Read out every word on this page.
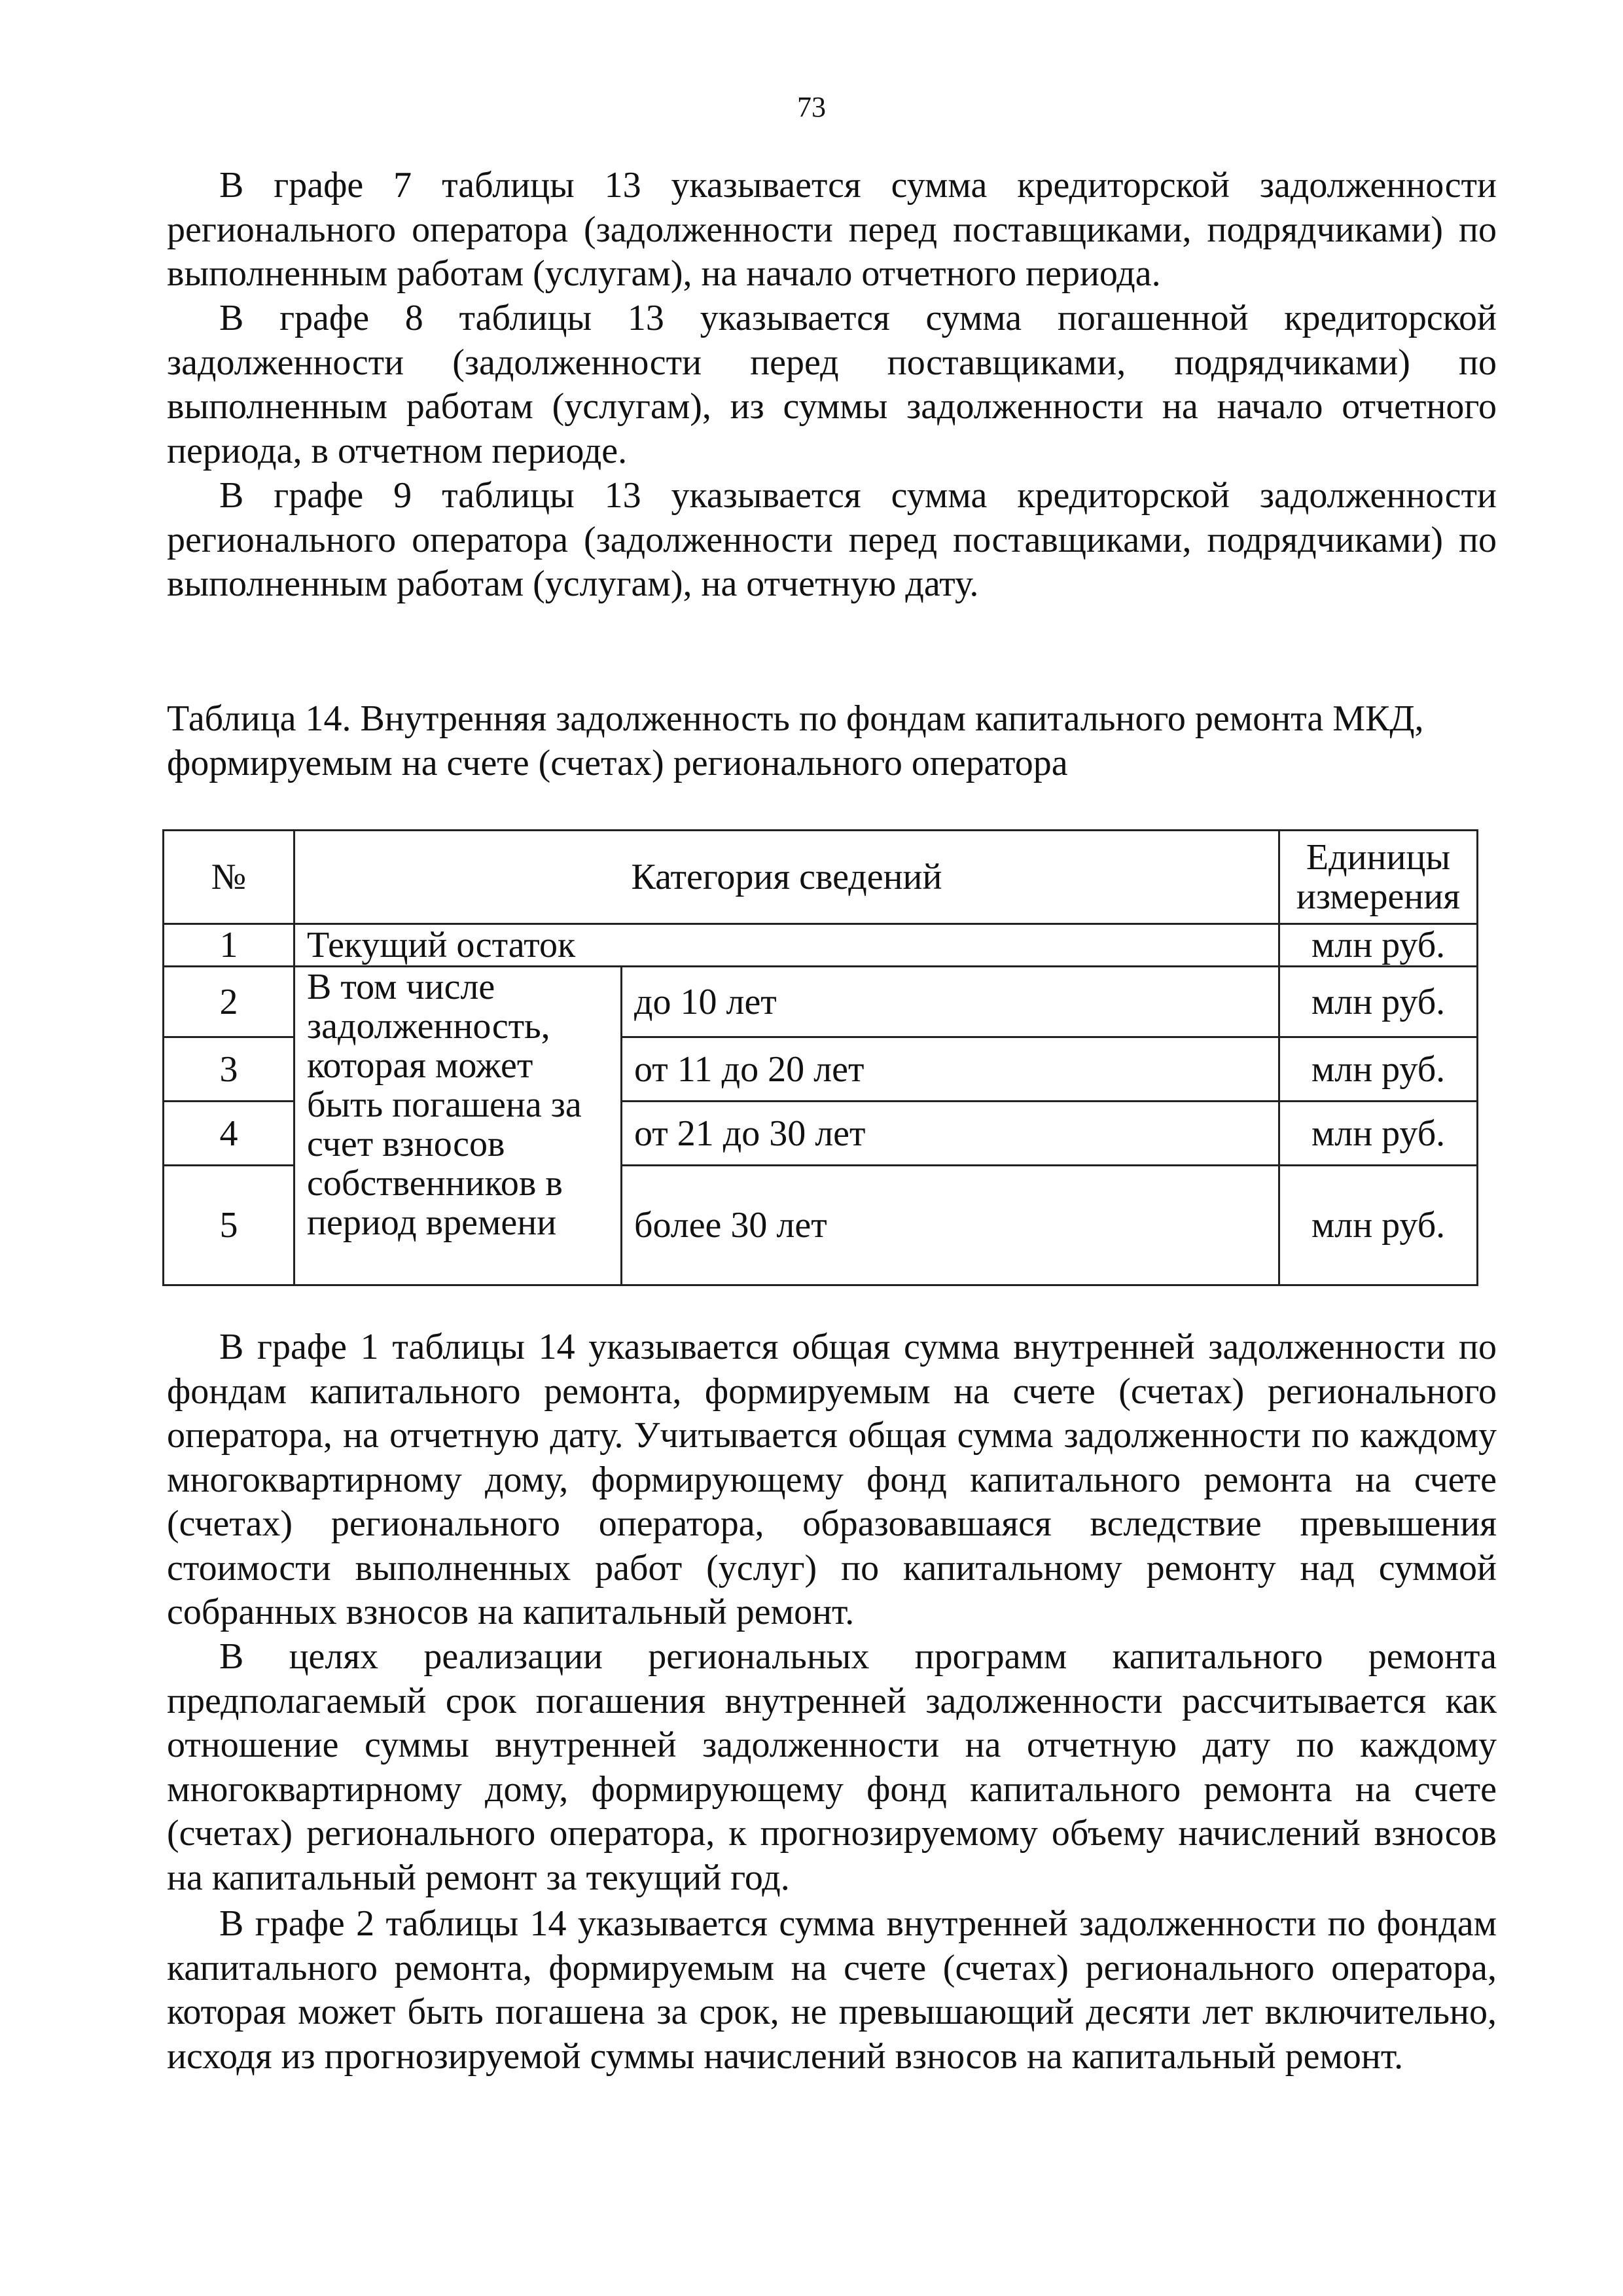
73

В графе 7 таблицы 13 указывается сумма кредиторской задолженности регионального оператора (задолженности перед поставщиками, подрядчиками) по выполненным работам (услугам), на начало отчетного периода.

В графе 8 таблицы 13 указывается сумма погашенной кредиторской задолженности (задолженности перед поставщиками, подрядчиками) по выполненным работам (услугам), из суммы задолженности на начало отчетного периода, в отчетном периоде.

В графе 9 таблицы 13 указывается сумма кредиторской задолженности регионального оператора (задолженности перед поставщиками, подрядчиками) по выполненным работам (услугам), на отчетную дату.

Таблица 14. Внутренняя задолженность по фондам капитального ремонта МКД, формируемым на счете (счетах) регионального оператора

№	Категория сведений		Единицы измерения
1	Текущий остаток		млн руб.
2	В том числе задолженность, которая может быть погашена за счет взносов собственников в период времени	до 10 лет	млн руб.
3		от 11 до 20 лет	млн руб.
4		от 21 до 30 лет	млн руб.
5		более 30 лет	млн руб.

В графе 1 таблицы 14 указывается общая сумма внутренней задолженности по фондам капитального ремонта, формируемым на счете (счетах) регионального оператора, на отчетную дату. Учитывается общая сумма задолженности по каждому многоквартирному дому, формирующему фонд капитального ремонта на счете (счетах) регионального оператора, образовавшаяся вследствие превышения стоимости выполненных работ (услуг) по капитальному ремонту над суммой собранных взносов на капитальный ремонт.

В целях реализации региональных программ капитального ремонта предполагаемый срок погашения внутренней задолженности рассчитывается как отношение суммы внутренней задолженности на отчетную дату по каждому многоквартирному дому, формирующему фонд капитального ремонта на счете (счетах) регионального оператора, к прогнозируемому объему начислений взносов на капитальный ремонт за текущий год.

В графе 2 таблицы 14 указывается сумма внутренней задолженности по фондам капитального ремонта, формируемым на счете (счетах) регионального оператора, которая может быть погашена за срок, не превышающий десяти лет включительно, исходя из прогнозируемой суммы начислений взносов на капитальный ремонт.
